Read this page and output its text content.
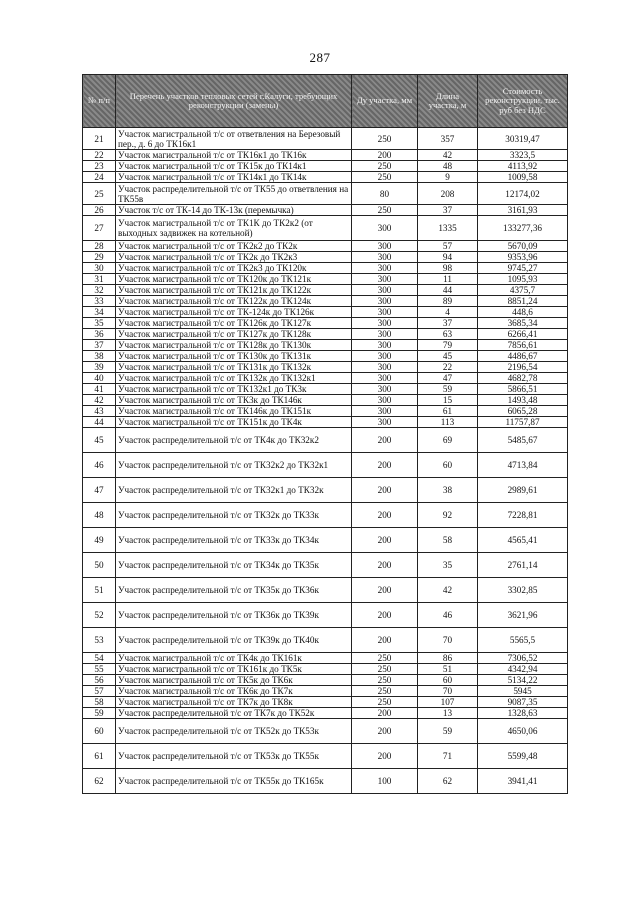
287
№ п/п	Перечень участков тепловых сетей г.Калуги, требующих реконструкции (замены)	Ду участка, мм	Длина участка, м	Стоимость реконструкции, тыс. руб без НДС
21	Участок магистральной т/с от ответвления на Березовый пер., д. 6 до ТК16к1	250	357	30319,47
22	Участок магистральной т/с от ТК16к1 до ТК16к	200	42	3323,5
23	Участок магистральной т/с от ТК15к до ТК14к1	250	48	4113,92
24	Участок магистральной т/с от ТК14к1 до ТК14к	250	9	1009,58
25	Участок распределительной т/с от ТК55 до ответвления на ТК55в	80	208	12174,02
26	Участок т/с от ТК-14 до ТК-13к (перемычка)	250	37	3161,93
27	Участок магистральной т/с от ТК1К до ТК2к2 (от выходных задвижек на котельной)	300	1335	133277,36
28	Участок магистральной т/с от ТК2к2 до ТК2к	300	57	5670,09
29	Участок магистральной т/с от ТК2к до ТК2к3	300	94	9353,96
30	Участок магистральной т/с от ТК2к3 до ТК120к	300	98	9745,27
31	Участок магистральной т/с от ТК120к до ТК121к	300	11	1095,93
32	Участок магистральной т/с от ТК121к до ТК122к	300	44	4375,7
33	Участок магистральной т/с от ТК122к до ТК124к	300	89	8851,24
34	Участок магистральной т/с от ТК-124к до ТК126к	300	4	448,6
35	Участок магистральной т/с от ТК126к до ТК127к	300	37	3685,34
36	Участок магистральной т/с от ТК127к до ТК128к	300	63	6266,41
37	Участок магистральной т/с от ТК128к до ТК130к	300	79	7856,61
38	Участок магистральной т/с от ТК130к до ТК131к	300	45	4486,67
39	Участок магистральной т/с от ТК131к до ТК132к	300	22	2196,54
40	Участок магистральной т/с от ТК132к до ТК132к1	300	47	4682,78
41	Участок магистральной т/с от ТК132к1 до ТК3к	300	59	5866,51
42	Участок магистральной т/с от ТК3к до ТК146к	300	15	1493,48
43	Участок магистральной т/с от ТК146к до ТК151к	300	61	6065,28
44	Участок магистральной т/с от ТК151к до ТК4к	300	113	11757,87
45	Участок распределительной т/с от ТК4к до ТК32к2	200	69	5485,67
46	Участок распределительной т/с от ТК32к2 до ТК32к1	200	60	4713,84
47	Участок распределительной т/с от ТК32к1 до ТК32к	200	38	2989,61
48	Участок распределительной т/с от ТК32к до ТК33к	200	92	7228,81
49	Участок распределительной т/с от ТК33к до ТК34к	200	58	4565,41
50	Участок распределительной т/с от ТК34к до ТК35к	200	35	2761,14
51	Участок распределительной т/с от ТК35к до ТК36к	200	42	3302,85
52	Участок распределительной т/с от ТК36к до ТК39к	200	46	3621,96
53	Участок распределительной т/с от ТК39к до ТК40к	200	70	5565,5
54	Участок магистральной т/с от ТК4к до ТК161к	250	86	7306,52
55	Участок магистральной т/с от ТК161к до ТК5к	250	51	4342,94
56	Участок магистральной т/с от ТК5к до ТК6к	250	60	5134,22
57	Участок магистральной т/с от ТК6к до ТК7к	250	70	5945
58	Участок магистральной т/с от ТК7к до ТК8к	250	107	9087,35
59	Участок распределительной т/с от ТК7к до ТК52к	200	13	1328,63
60	Участок распределительной т/с от ТК52к до ТК53к	200	59	4650,06
61	Участок распределительной т/с от ТК53к до ТК55к	200	71	5599,48
62	Участок распределительной т/с от ТК55к до ТК165к	100	62	3941,41
